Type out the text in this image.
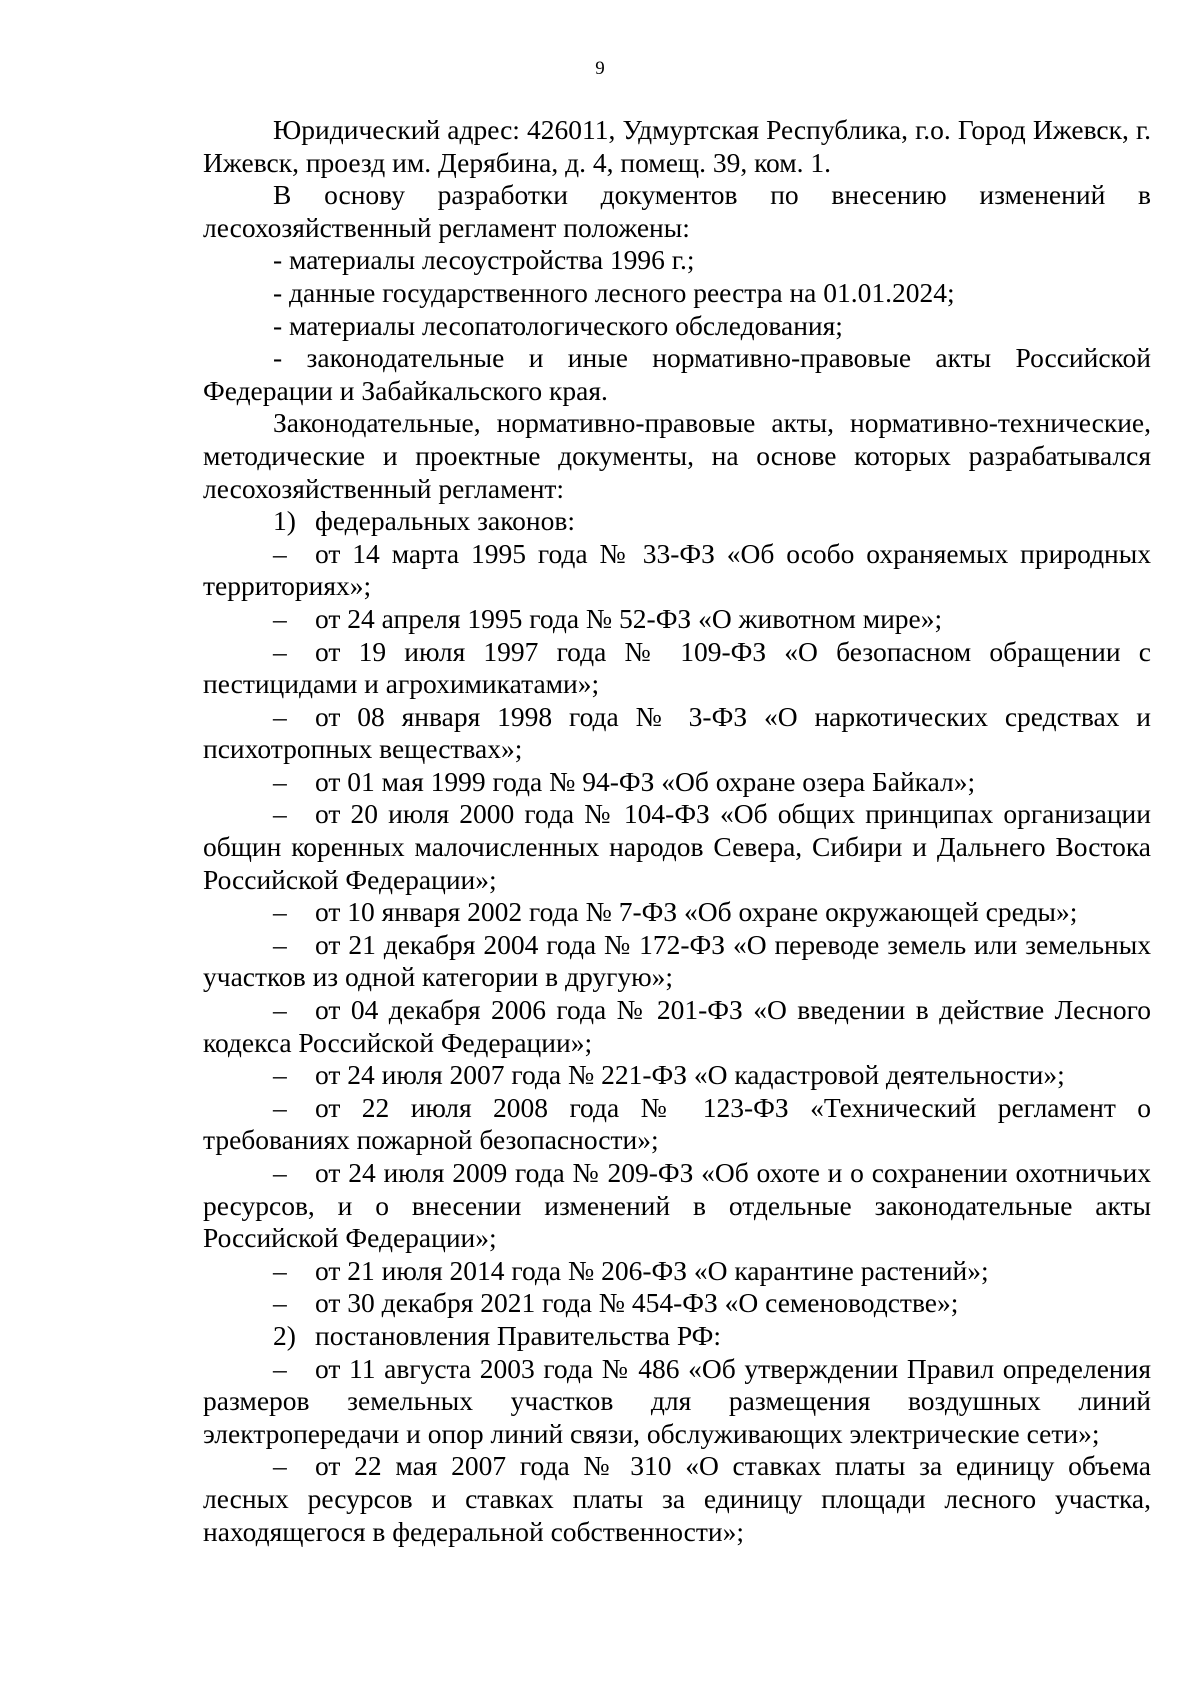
9

Юридический адрес: 426011, Удмуртская Республика, г.о. Город Ижевск, г. Ижевск, проезд им. Дерябина, д. 4, помещ. 39, ком. 1.

В основу разработки документов по внесению изменений в лесохозяйственный регламент положены:

- материалы лесоустройства 1996 г.;

- данные государственного лесного реестра на 01.01.2024;

- материалы лесопатологического обследования;

- законодательные и иные нормативно-правовые акты Российской Федерации и Забайкальского края.

Законодательные, нормативно-правовые акты, нормативно-технические, методические и проектные документы, на основе которых разрабатывался лесохозяйственный регламент:

1) федеральных законов:

– от 14 марта 1995 года № 33-ФЗ «Об особо охраняемых природных территориях»;

– от 24 апреля 1995 года № 52-ФЗ «О животном мире»;

– от 19 июля 1997 года № 109-ФЗ «О безопасном обращении с пестицидами и агрохимикатами»;

– от 08 января 1998 года № 3-ФЗ «О наркотических средствах и психотропных веществах»;

– от 01 мая 1999 года № 94-ФЗ «Об охране озера Байкал»;

– от 20 июля 2000 года № 104-ФЗ «Об общих принципах организации общин коренных малочисленных народов Севера, Сибири и Дальнего Востока Российской Федерации»;

– от 10 января 2002 года № 7-ФЗ «Об охране окружающей среды»;

– от 21 декабря 2004 года № 172-ФЗ «О переводе земель или земельных участков из одной категории в другую»;

– от 04 декабря 2006 года № 201-ФЗ «О введении в действие Лесного кодекса Российской Федерации»;

– от 24 июля 2007 года № 221-ФЗ «О кадастровой деятельности»;

– от 22 июля 2008 года № 123-ФЗ «Технический регламент о требованиях пожарной безопасности»;

– от 24 июля 2009 года № 209-ФЗ «Об охоте и о сохранении охотничьих ресурсов, и о внесении изменений в отдельные законодательные акты Российской Федерации»;

– от 21 июля 2014 года № 206-ФЗ «О карантине растений»;

– от 30 декабря 2021 года № 454-ФЗ «О семеноводстве»;

2) постановления Правительства РФ:

– от 11 августа 2003 года № 486 «Об утверждении Правил определения размеров земельных участков для размещения воздушных линий электропередачи и опор линий связи, обслуживающих электрические сети»;

– от 22 мая 2007 года № 310 «О ставках платы за единицу объема лесных ресурсов и ставках платы за единицу площади лесного участка, находящегося в федеральной собственности»;
